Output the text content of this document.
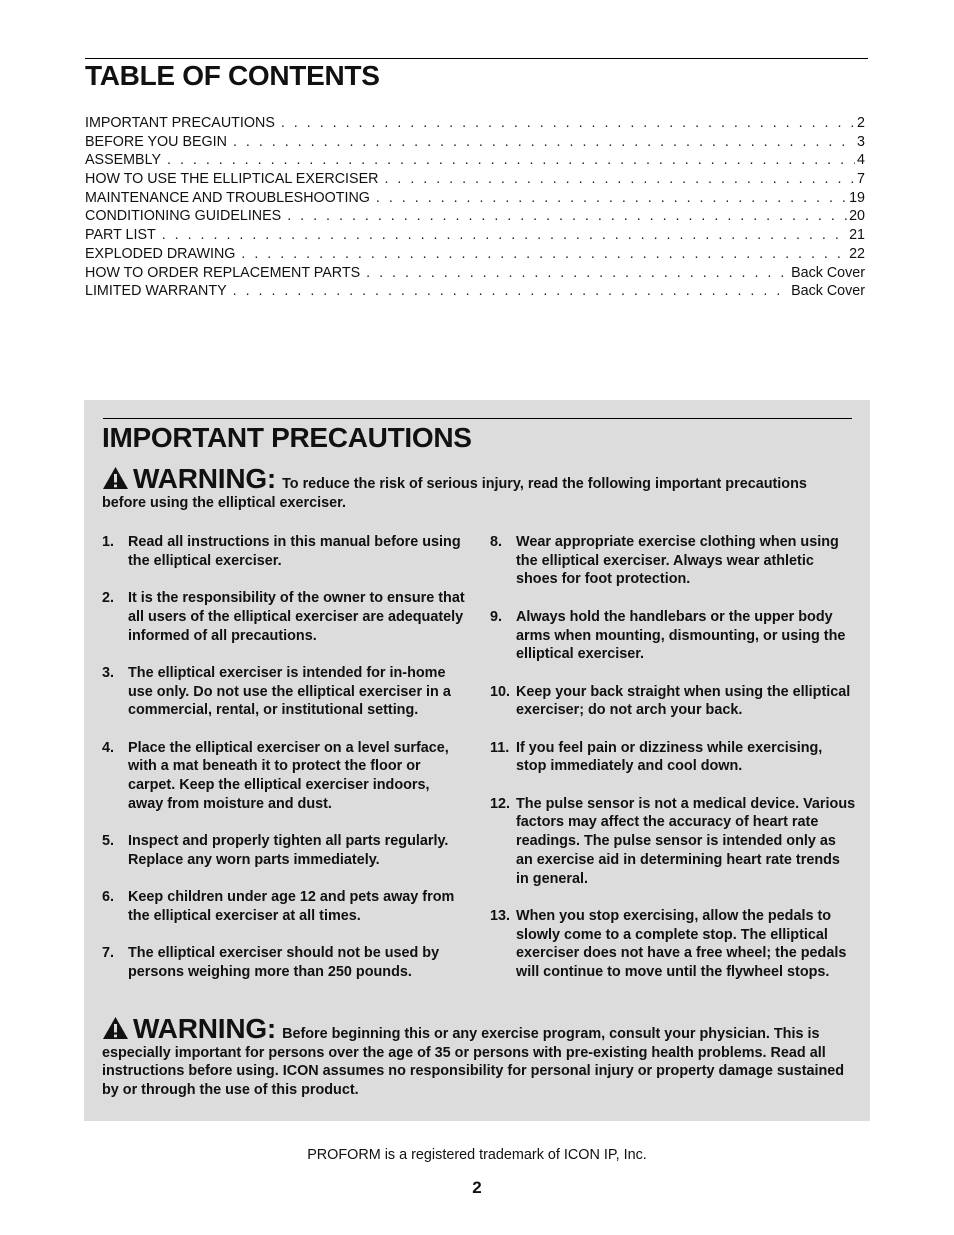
TABLE OF CONTENTS
IMPORTANT PRECAUTIONS . . .	2
BEFORE YOU BEGIN . . .	3
ASSEMBLY . . .	4
HOW TO USE THE ELLIPTICAL EXERCISER . . .	7
MAINTENANCE AND TROUBLESHOOTING . . .	19
CONDITIONING GUIDELINES . . .	20
PART LIST . . .	21
EXPLODED DRAWING . . .	22
HOW TO ORDER REPLACEMENT PARTS . . .	Back Cover
LIMITED WARRANTY . . .	Back Cover
IMPORTANT PRECAUTIONS
WARNING: To reduce the risk of serious injury, read the following important precautions before using the elliptical exerciser.
1. Read all instructions in this manual before using the elliptical exerciser.
2. It is the responsibility of the owner to ensure that all users of the elliptical exerciser are adequately informed of all precautions.
3. The elliptical exerciser is intended for in-home use only. Do not use the elliptical exerciser in a commercial, rental, or institutional setting.
4. Place the elliptical exerciser on a level surface, with a mat beneath it to protect the floor or carpet. Keep the elliptical exerciser indoors, away from moisture and dust.
5. Inspect and properly tighten all parts regularly. Replace any worn parts immediately.
6. Keep children under age 12 and pets away from the elliptical exerciser at all times.
7. The elliptical exerciser should not be used by persons weighing more than 250 pounds.
8. Wear appropriate exercise clothing when using the elliptical exerciser. Always wear athletic shoes for foot protection.
9. Always hold the handlebars or the upper body arms when mounting, dismounting, or using the elliptical exerciser.
10. Keep your back straight when using the elliptical exerciser; do not arch your back.
11. If you feel pain or dizziness while exercising, stop immediately and cool down.
12. The pulse sensor is not a medical device. Various factors may affect the accuracy of heart rate readings. The pulse sensor is intended only as an exercise aid in determining heart rate trends in general.
13. When you stop exercising, allow the pedals to slowly come to a complete stop. The elliptical exerciser does not have a free wheel; the pedals will continue to move until the flywheel stops.
WARNING: Before beginning this or any exercise program, consult your physician. This is especially important for persons over the age of 35 or persons with pre-existing health problems. Read all instructions before using. ICON assumes no responsibility for personal injury or property damage sustained by or through the use of this product.
PROFORM is a registered trademark of ICON IP, Inc.
2
